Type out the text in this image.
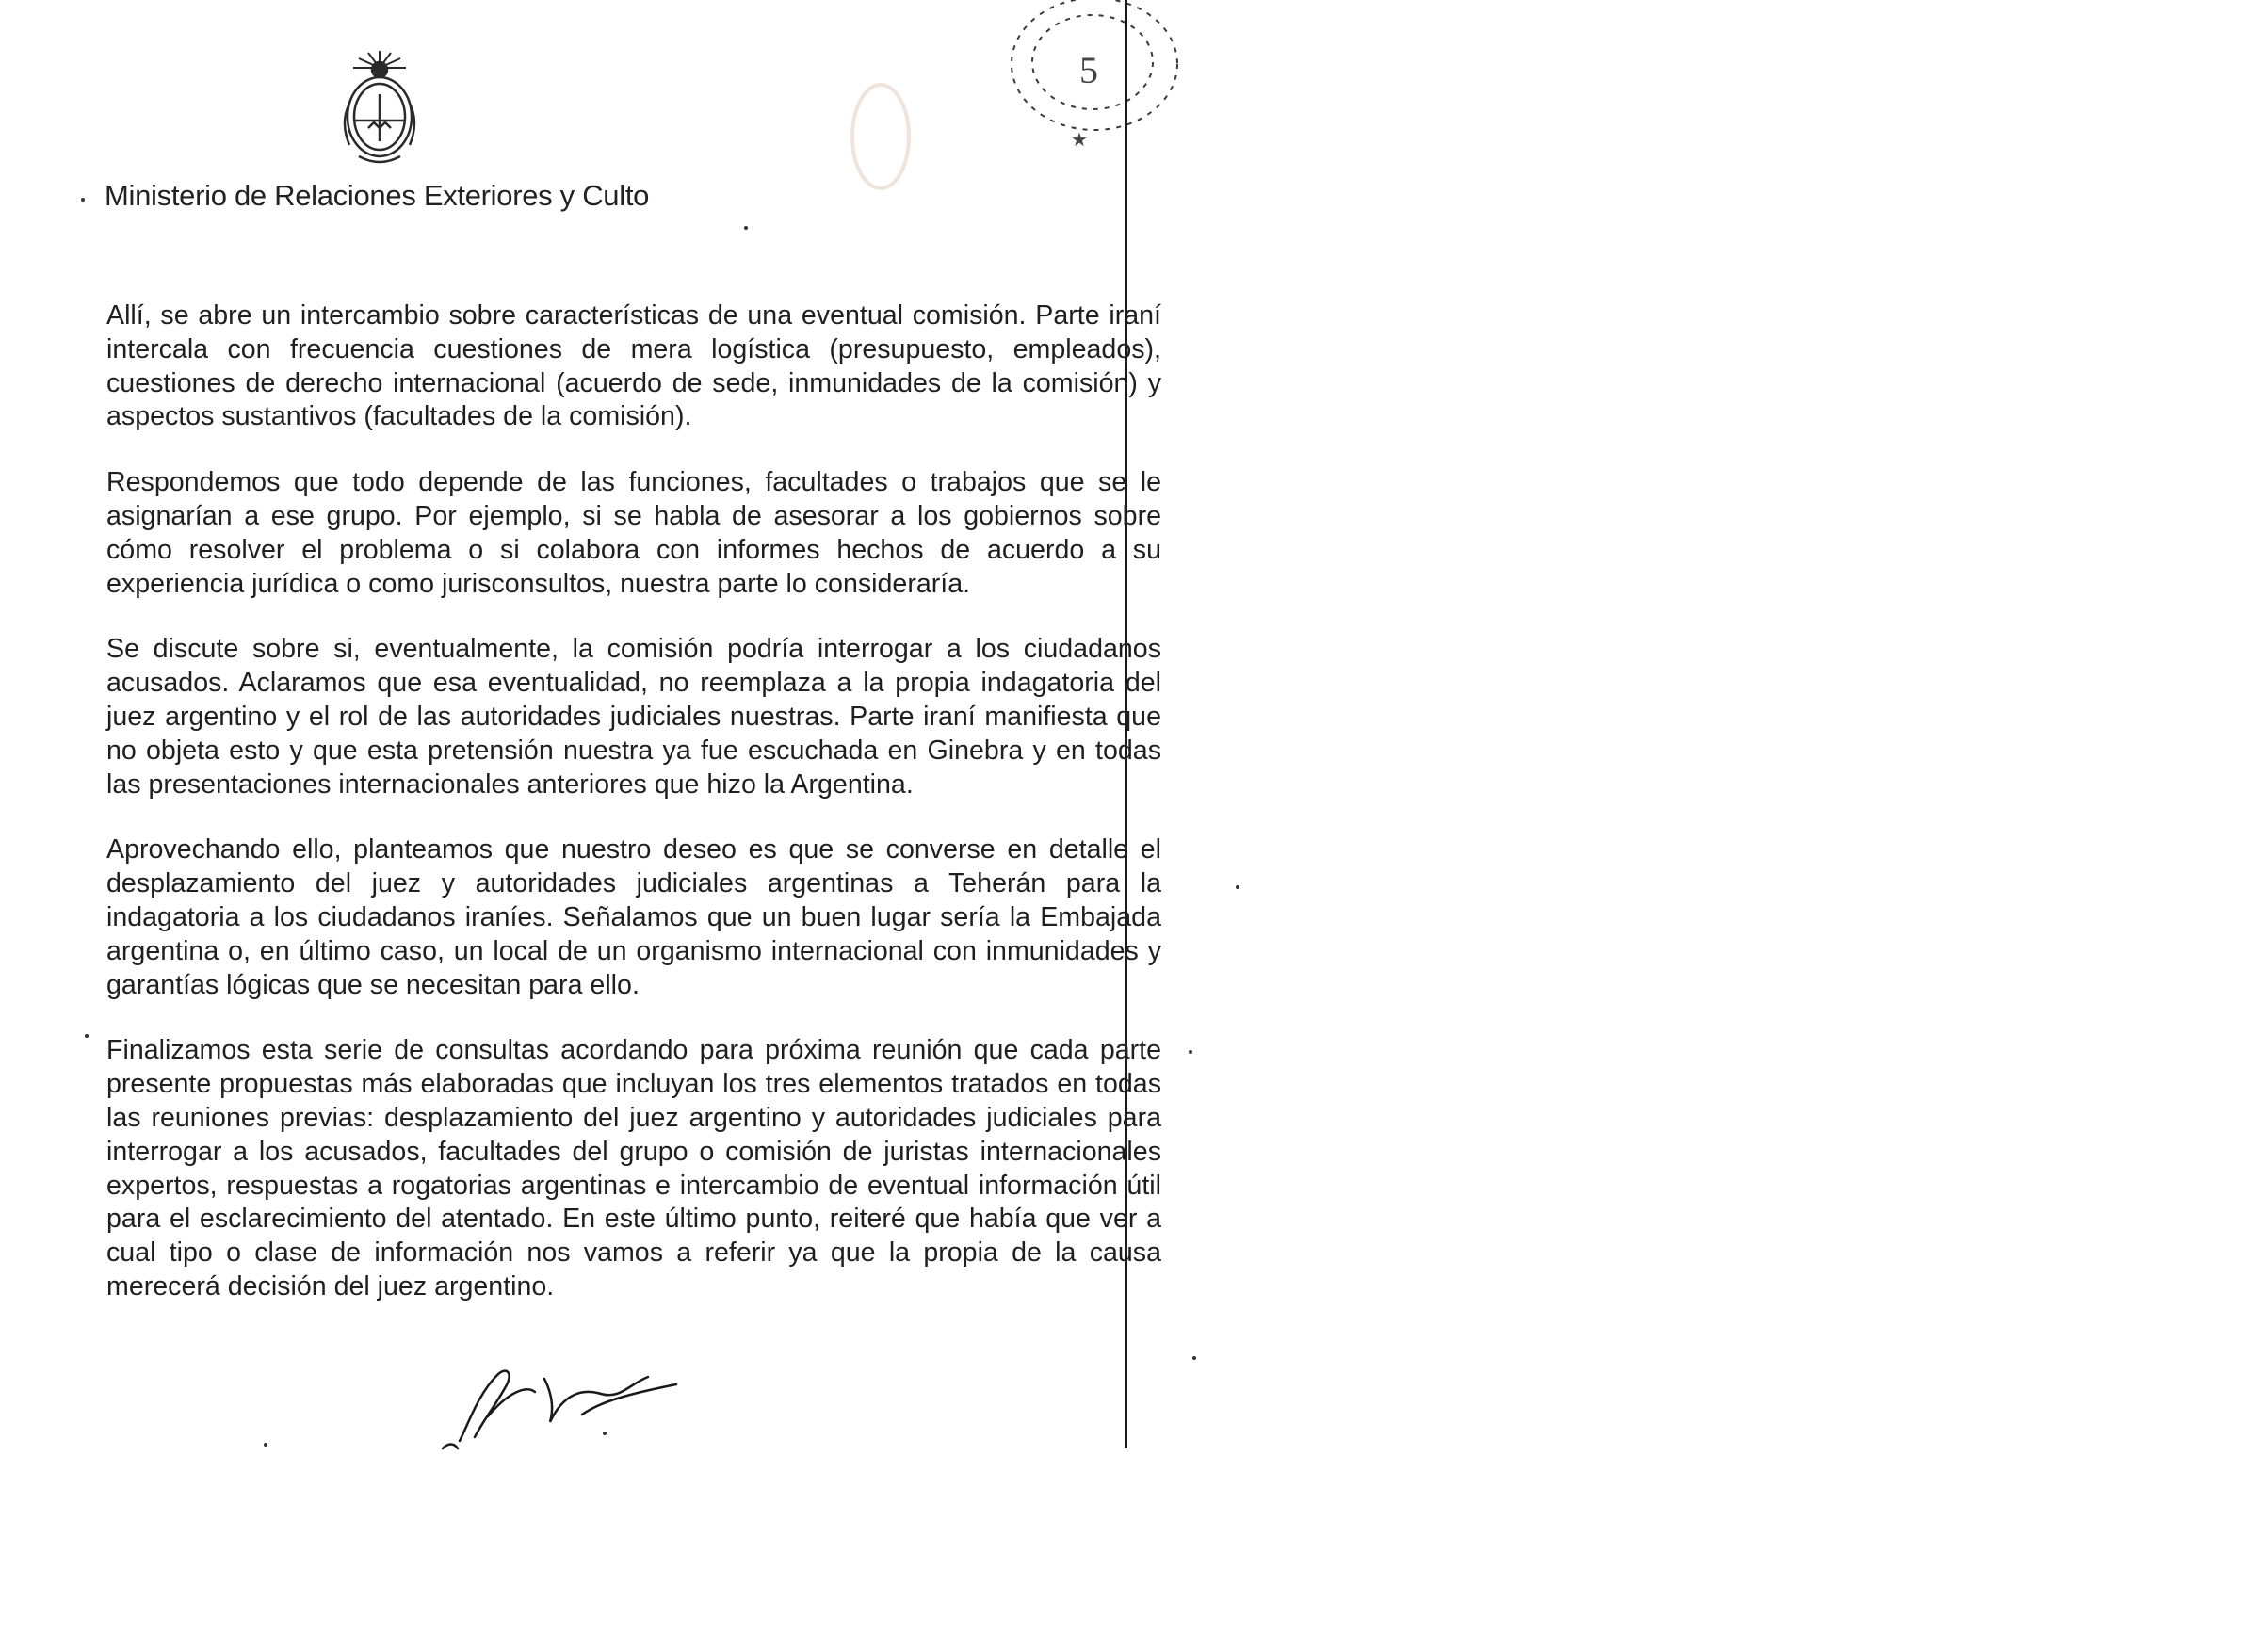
Ministerio de Relaciones Exteriores y Culto
5
★

Allí, se abre un intercambio sobre características de una eventual comisión. Parte iraní intercala con frecuencia cuestiones de mera logística (presupuesto, empleados), cuestiones de derecho internacional (acuerdo de sede, inmunidades de la comisión) y aspectos sustantivos (facultades de la comisión).

Respondemos que todo depende de las funciones, facultades o trabajos que se le asignarían a ese grupo. Por ejemplo, si se habla de asesorar a los gobiernos sobre cómo resolver el problema o si colabora con informes hechos de acuerdo a su experiencia jurídica o como jurisconsultos, nuestra parte lo consideraría.

Se discute sobre si, eventualmente, la comisión podría interrogar a los ciudadanos acusados. Aclaramos que esa eventualidad, no reemplaza a la propia indagatoria del juez argentino y el rol de las autoridades judiciales nuestras. Parte iraní manifiesta que no objeta esto y que esta pretensión nuestra ya fue escuchada en Ginebra y en todas las presentaciones internacionales anteriores que hizo la Argentina.

Aprovechando ello, planteamos que nuestro deseo es que se converse en detalle el desplazamiento del juez y autoridades judiciales argentinas a Teherán para la indagatoria a los ciudadanos iraníes. Señalamos que un buen lugar sería la Embajada argentina o, en último caso, un local de un organismo internacional con inmunidades y garantías lógicas que se necesitan para ello.

Finalizamos esta serie de consultas acordando para próxima reunión que cada parte presente propuestas más elaboradas que incluyan los tres elementos tratados en todas las reuniones previas: desplazamiento del juez argentino y autoridades judiciales para interrogar a los acusados, facultades del grupo o comisión de juristas internacionales expertos, respuestas a rogatorias argentinas e intercambio de eventual información útil para el esclarecimiento del atentado. En este último punto, reiteré que había que ver a cual tipo o clase de información nos vamos a referir ya que la propia de la causa merecerá decisión del juez argentino.
